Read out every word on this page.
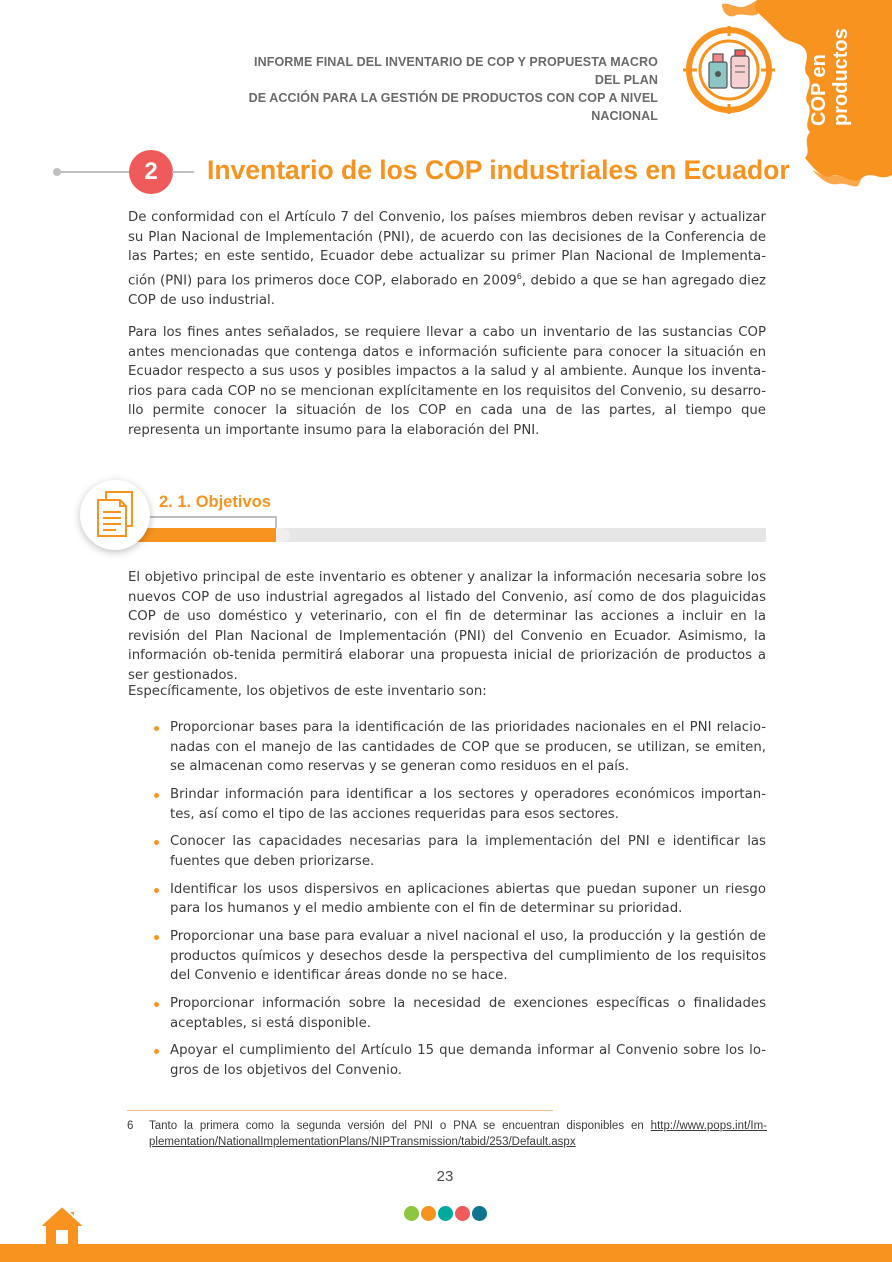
INFORME FINAL DEL INVENTARIO DE COP Y PROPUESTA MACRO DEL PLAN
DE ACCIÓN PARA LA GESTIÓN DE PRODUCTOS CON COP A NIVEL NACIONAL	COP en productos
2	Inventario de los COP industriales en Ecuador

De conformidad con el Artículo 7 del Convenio, los países miembros deben revisar y actualizar su Plan Nacional de Implementación (PNI), de acuerdo con las decisiones de la Conferencia de las Partes; en este sentido, Ecuador debe actualizar su primer Plan Nacional de Implementa-ción (PNI) para los primeros doce COP, elaborado en 2009$^6$, debido a que se han agregado diez COP de uso industrial.

Para los fines antes señalados, se requiere llevar a cabo un inventario de las sustancias COP antes mencionadas que contenga datos e información suficiente para conocer la situación en Ecuador respecto a sus usos y posibles impactos a la salud y al ambiente. Aunque los inventa-rios para cada COP no se mencionan explícitamente en los requisitos del Convenio, su desarro-llo permite conocer la situación de los COP en cada una de las partes, al tiempo que representa un importante insumo para la elaboración del PNI.

2. 1. Objetivos

El objetivo principal de este inventario es obtener y analizar la información necesaria sobre los nuevos COP de uso industrial agregados al listado del Convenio, así como de dos plaguicidas COP de uso doméstico y veterinario, con el fin de determinar las acciones a incluir en la revisión del Plan Nacional de Implementación (PNI) del Convenio en Ecuador. Asimismo, la información ob-tenida permitirá elaborar una propuesta inicial de priorización de productos a ser gestionados.

Específicamente, los objetivos de este inventario son:

Proporcionar bases para la identificación de las prioridades nacionales en el PNI relacio-nadas con el manejo de las cantidades de COP que se producen, se utilizan, se emiten, se almacenan como reservas y se generan como residuos en el país.
Brindar información para identificar a los sectores y operadores económicos importan-tes, así como el tipo de las acciones requeridas para esos sectores.
Conocer las capacidades necesarias para la implementación del PNI e identificar las fuentes que deben priorizarse.
Identificar los usos dispersivos en aplicaciones abiertas que puedan suponer un riesgo para los humanos y el medio ambiente con el fin de determinar su prioridad.
Proporcionar una base para evaluar a nivel nacional el uso, la producción y la gestión de productos químicos y desechos desde la perspectiva del cumplimiento de los requisitos del Convenio e identificar áreas donde no se hace.
Proporcionar información sobre la necesidad de exenciones específicas o finalidades aceptables, si está disponible.
Apoyar el cumplimiento del Artículo 15 que demanda informar al Convenio sobre los lo-gros de los objetivos del Convenio.

6	Tanto la primera como la segunda versión del PNI o PNA se encuentran disponibles en http://www.pops.int/Im-plementation/NationalImplementationPlans/NIPTransmission/tabid/253/Default.aspx

23
